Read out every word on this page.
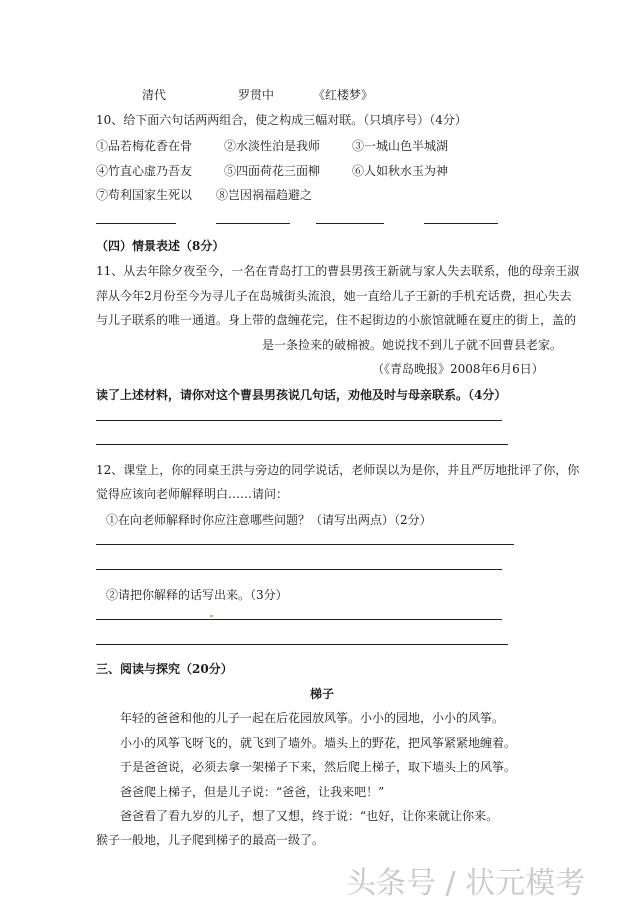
清代	罗贯中	《红楼梦》
10、给下面六句话两两组合，使之构成三幅对联。（只填序号）（4分）
①品若梅花香在骨	②水淡性泊是我师	③一城山色半城湖
④竹直心虚乃吾友	⑤四面荷花三面柳	⑥人如秋水玉为神
⑦苟利国家生死以 ⑧岂因祸福趋避之
（四）情景表述（8分）
11、从去年除夕夜至今，一名在青岛打工的曹县男孩王新就与家人失去联系，他的母亲王淑
萍从今年2月份至今为寻儿子在岛城街头流浪，她一直给儿子王新的手机充话费，担心失去
与儿子联系的唯一通道。身上带的盘缠花完，住不起街边的小旅馆就睡在夏庄的街上，盖的
是一条捡来的破棉被。她说找不到儿子就不回曹县老家。
（《青岛晚报》2008年6月6日）
读了上述材料，请你对这个曹县男孩说几句话，劝他及时与母亲联系。（4分）
12、课堂上，你的同桌王洪与旁边的同学说话，老师误以为是你，并且严厉地批评了你，你
觉得应该向老师解释明白……请问：
①在向老师解释时你应注意哪些问题？（请写出两点）（2分）
②请把你解释的话写出来。（3分）
三、阅读与探究（20分）
梯子
年轻的爸爸和他的儿子一起在后花园放风筝。小小的园地，小小的风筝。
小小的风筝飞呀飞的，就飞到了墙外。墙头上的野花，把风筝紧紧地缠着。
于是爸爸说，必须去拿一架梯子下来，然后爬上梯子，取下墙头上的风筝。
爸爸爬上梯子，但是儿子说：“爸爸，让我来吧！”
爸爸看了看九岁的儿子，想了又想，终于说：“也好，让你来就让你来。
猴子一般地，儿子爬到梯子的最高一级了。
头条号 / 状元模考
